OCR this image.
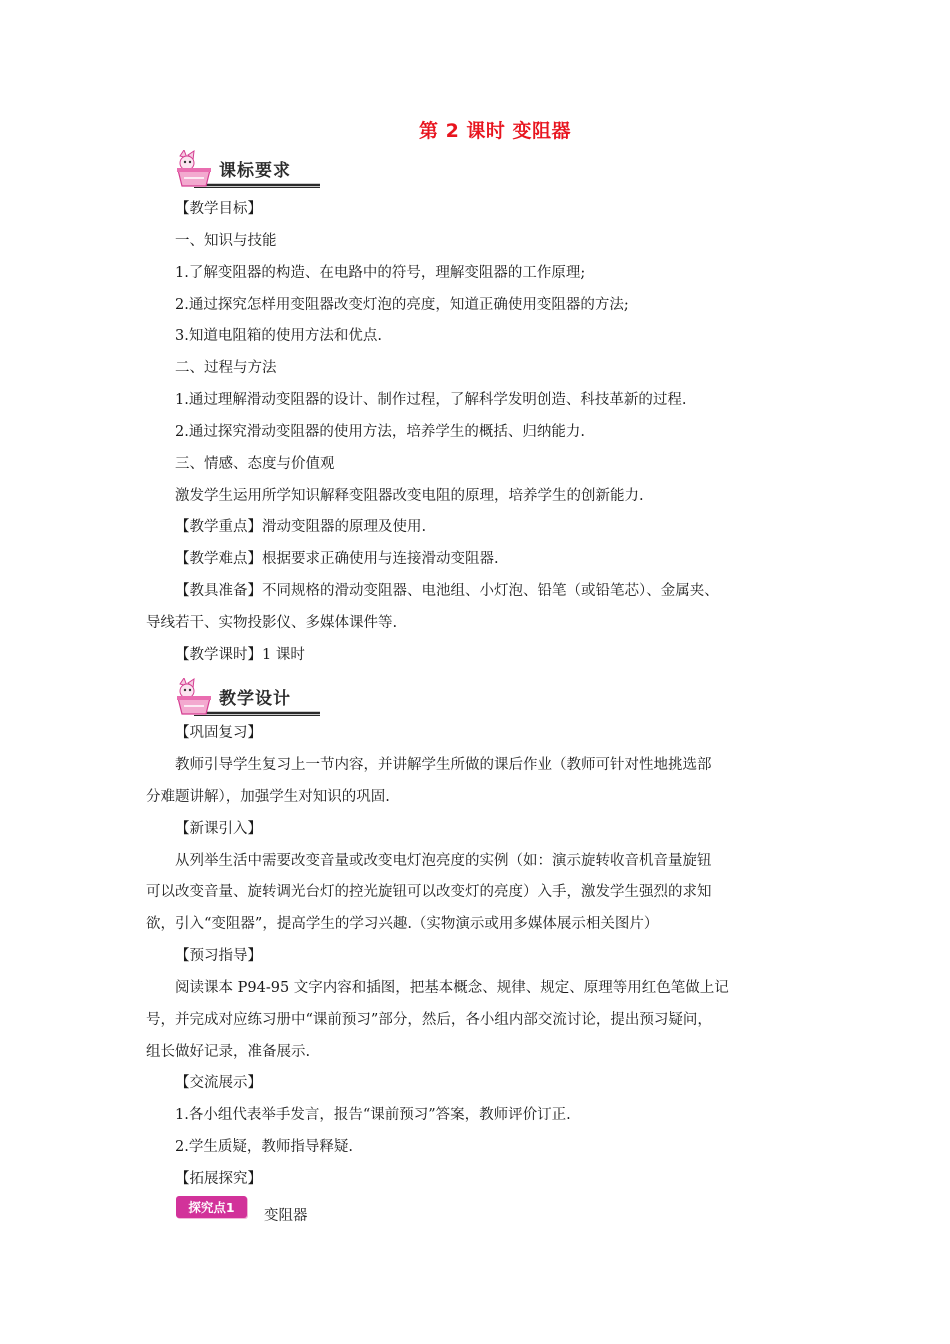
第 2 课时 变阻器
课标要求
【教学目标】
一、知识与技能
1.了解变阻器的构造、在电路中的符号，理解变阻器的工作原理;
2.通过探究怎样用变阻器改变灯泡的亮度，知道正确使用变阻器的方法;
3.知道电阻箱的使用方法和优点.
二、过程与方法
1.通过理解滑动变阻器的设计、制作过程，了解科学发明创造、科技革新的过程.
2.通过探究滑动变阻器的使用方法，培养学生的概括、归纳能力.
三、情感、态度与价值观
激发学生运用所学知识解释变阻器改变电阻的原理，培养学生的创新能力.
【教学重点】滑动变阻器的原理及使用.
【教学难点】根据要求正确使用与连接滑动变阻器.
【教具准备】不同规格的滑动变阻器、电池组、小灯泡、铅笔（或铅笔芯）、金属夹、
导线若干、实物投影仪、多媒体课件等.
【教学课时】1 课时
教学设计
【巩固复习】
教师引导学生复习上一节内容，并讲解学生所做的课后作业（教师可针对性地挑选部
分难题讲解），加强学生对知识的巩固.
【新课引入】
从列举生活中需要改变音量或改变电灯泡亮度的实例（如：演示旋转收音机音量旋钮
可以改变音量、旋转调光台灯的控光旋钮可以改变灯的亮度）入手，激发学生强烈的求知
欲，引入“变阻器”，提高学生的学习兴趣.（实物演示或用多媒体展示相关图片）
【预习指导】
阅读课本 P94-95 文字内容和插图，把基本概念、规律、规定、原理等用红色笔做上记
号，并完成对应练习册中“课前预习”部分，然后，各小组内部交流讨论，提出预习疑问，
组长做好记录，准备展示.
【交流展示】
1.各小组代表举手发言，报告“课前预习”答案，教师评价订正.
2.学生质疑，教师指导释疑.
【拓展探究】
探究点1
变阻器
